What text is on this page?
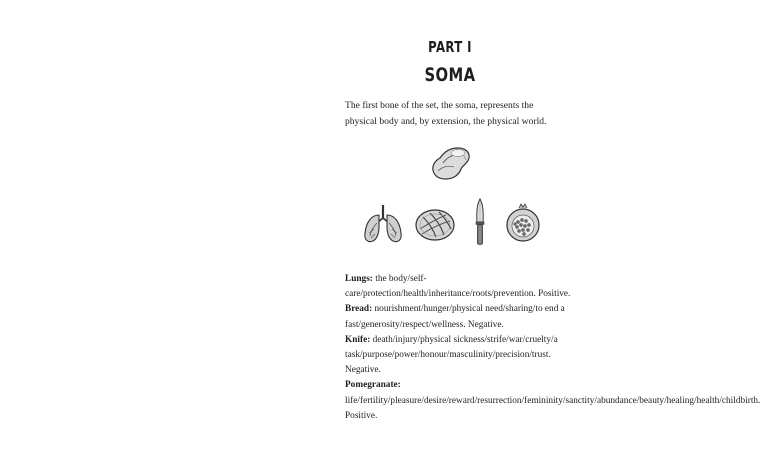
PART I
SOMA

The first bone of the set, the soma, represents the physical body and, by extension, the physical world.

Lungs: the body/self-care/protection/health/inheritance/roots/prevention. Positive.
Bread: nourishment/hunger/physical need/sharing/to end a fast/generosity/respect/wellness. Negative.
Knife: death/injury/physical sickness/strife/war/cruelty/a task/purpose/power/honour/masculinity/precision/trust. Negative.
Pomegranate: life/fertility/pleasure/desire/reward/resurrection/femininity/sanctity/abundance/beauty/healing/health/childbirth. Positive.
